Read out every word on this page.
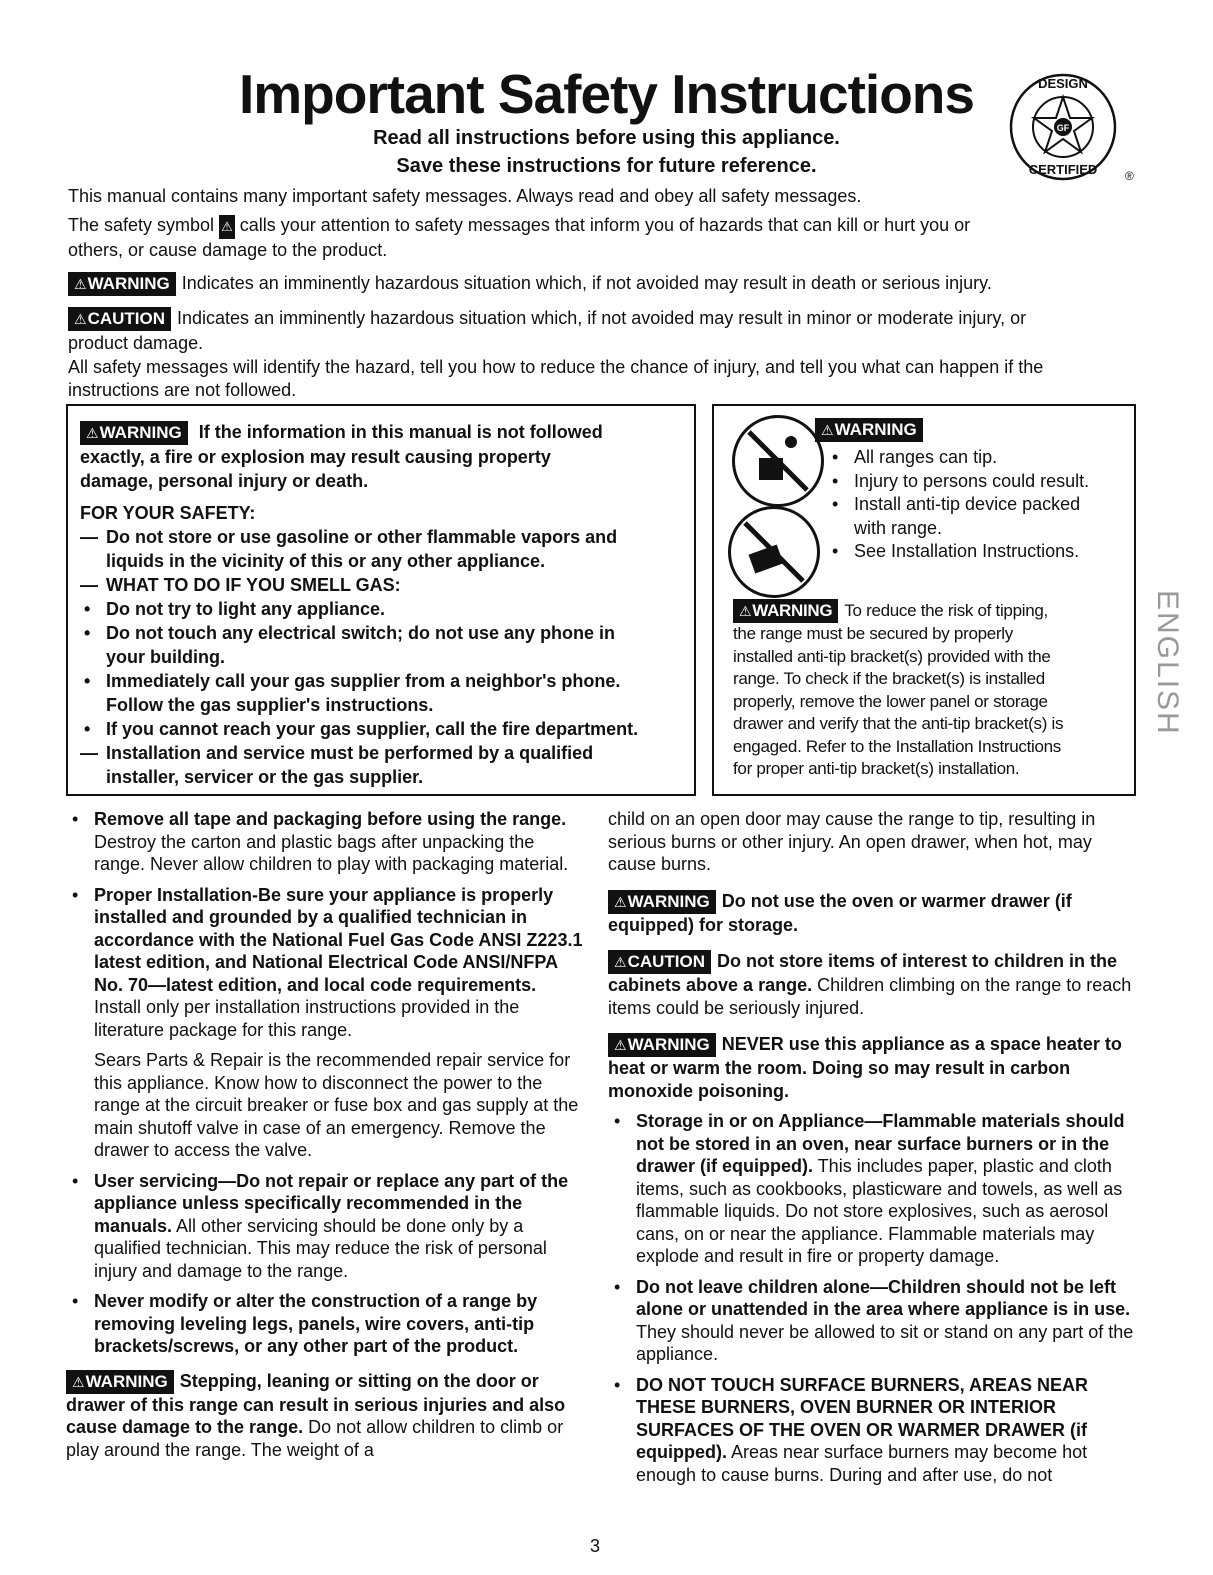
Important Safety Instructions
Read all instructions before using this appliance.
Save these instructions for future reference.
GF
DESIGN
CERTIFIED ®
This manual contains many important safety messages. Always read and obey all safety messages.
The safety symbol ⚠ calls your attention to safety messages that inform you of hazards that can kill or hurt you or
others, or cause damage to the product.
⚠WARNING Indicates an imminently hazardous situation which, if not avoided may result in death or serious injury.
⚠CAUTION Indicates an imminently hazardous situation which, if not avoided may result in minor or moderate injury, or
product damage.
All safety messages will identify the hazard, tell you how to reduce the chance of injury, and tell you what can happen if the
instructions are not followed.
⚠WARNING If the information in this manual is not followed
exactly, a fire or explosion may result causing property
damage, personal injury or death.
FOR YOUR SAFETY:
— Do not store or use gasoline or other flammable vapors and
liquids in the vicinity of this or any other appliance.
— WHAT TO DO IF YOU SMELL GAS:
• Do not try to light any appliance.
• Do not touch any electrical switch; do not use any phone in
your building.
• Immediately call your gas supplier from a neighbor's phone.
Follow the gas supplier's instructions.
• If you cannot reach your gas supplier, call the fire department.
— Installation and service must be performed by a qualified
installer, servicer or the gas supplier.
⚠WARNING
• All ranges can tip.
• Injury to persons could result.
• Install anti-tip device packed
with range.
• See Installation Instructions.
⚠WARNING To reduce the risk of tipping,
the range must be secured by properly
installed anti-tip bracket(s) provided with the
range. To check if the bracket(s) is installed
properly, remove the lower panel or storage
drawer and verify that the anti-tip bracket(s) is
engaged. Refer to the Installation Instructions
for proper anti-tip bracket(s) installation.
ENGLISH
• Remove all tape and packaging before using the range. Destroy the carton and plastic bags after unpacking the range. Never allow children to play with packaging material.
• Proper Installation-Be sure your appliance is properly installed and grounded by a qualified technician in accordance with the National Fuel Gas Code ANSI Z223.1 latest edition, and National Electrical Code ANSI/NFPA No. 70—latest edition, and local code requirements. Install only per installation instructions provided in the literature package for this range.
Sears Parts & Repair is the recommended repair service for this appliance. Know how to disconnect the power to the range at the circuit breaker or fuse box and gas supply at the main shutoff valve in case of an emergency. Remove the drawer to access the valve.
• User servicing—Do not repair or replace any part of the appliance unless specifically recommended in the manuals. All other servicing should be done only by a qualified technician. This may reduce the risk of personal injury and damage to the range.
• Never modify or alter the construction of a range by removing leveling legs, panels, wire covers, anti-tip brackets/screws, or any other part of the product.
⚠WARNING Stepping, leaning or sitting on the door or drawer of this range can result in serious injuries and also cause damage to the range. Do not allow children to climb or play around the range. The weight of a
child on an open door may cause the range to tip, resulting in serious burns or other injury. An open drawer, when hot, may cause burns.
⚠WARNING Do not use the oven or warmer drawer (if equipped) for storage.
⚠CAUTION Do not store items of interest to children in the cabinets above a range. Children climbing on the range to reach items could be seriously injured.
⚠WARNING NEVER use this appliance as a space heater to heat or warm the room. Doing so may result in carbon monoxide poisoning.
• Storage in or on Appliance—Flammable materials should not be stored in an oven, near surface burners or in the drawer (if equipped). This includes paper, plastic and cloth items, such as cookbooks, plasticware and towels, as well as flammable liquids. Do not store explosives, such as aerosol cans, on or near the appliance. Flammable materials may explode and result in fire or property damage.
• Do not leave children alone—Children should not be left alone or unattended in the area where appliance is in use. They should never be allowed to sit or stand on any part of the appliance.
• DO NOT TOUCH SURFACE BURNERS, AREAS NEAR THESE BURNERS, OVEN BURNER OR INTERIOR SURFACES OF THE OVEN OR WARMER DRAWER (if equipped). Areas near surface burners may become hot enough to cause burns. During and after use, do not
3
